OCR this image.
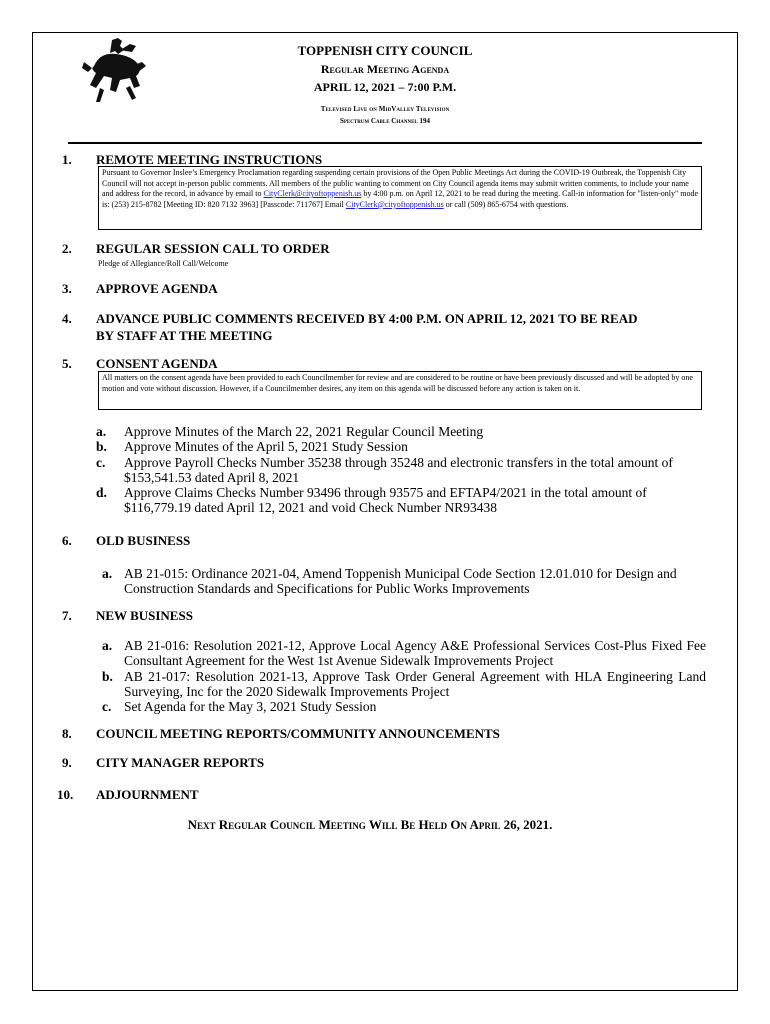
TOPPENISH CITY COUNCIL
Regular Meeting Agenda
APRIL 12, 2021 – 7:00 P.M.
Televised Live on MidValley Television
Spectrum Cable Channel 194
1.	REMOTE MEETING INSTRUCTIONS
Pursuant to Governor Inslee’s Emergency Proclamation regarding suspending certain provisions of the Open Public Meetings Act during the COVID-19 Outbreak, the Toppenish City Council will not accept in-person public comments. All members of the public wanting to comment on City Council agenda items may submit written comments, to include your name and address for the record, in advance by email to CityClerk@cityoftoppenish.us by 4:00 p.m. on April 12, 2021 to be read during the meeting. Call-in information for "listen-only" mode is: (253) 215-8782 [Meeting ID: 820 7132 3963] [Passcode: 711767] Email CityClerk@cityoftoppenish.us or call (509) 865-6754 with questions.
2.	REGULAR SESSION CALL TO ORDER
Pledge of Allegiance/Roll Call/Welcome
3.	APPROVE AGENDA
4.	ADVANCE PUBLIC COMMENTS RECEIVED BY 4:00 P.M. ON APRIL 12, 2021 TO BE READ
BY STAFF AT THE MEETING
5.	CONSENT AGENDA
All matters on the consent agenda have been provided to each Councilmember for review and are considered to be routine or have been previously discussed and will be adopted by one motion and vote without discussion. However, if a Councilmember desires, any item on this agenda will be discussed before any action is taken on it.
a. Approve Minutes of the March 22, 2021 Regular Council Meeting
b. Approve Minutes of the April 5, 2021 Study Session
c. Approve Payroll Checks Number 35238 through 35248 and electronic transfers in the total amount of $153,541.53 dated April 8, 2021
d. Approve Claims Checks Number 93496 through 93575 and EFTAP4/2021 in the total amount of $116,779.19 dated April 12, 2021 and void Check Number NR93438
6.	OLD BUSINESS
a. AB 21-015: Ordinance 2021-04, Amend Toppenish Municipal Code Section 12.01.010 for Design and Construction Standards and Specifications for Public Works Improvements
7.	NEW BUSINESS
a. AB 21-016: Resolution 2021-12, Approve Local Agency A&E Professional Services Cost-Plus Fixed Fee Consultant Agreement for the West 1st Avenue Sidewalk Improvements Project
b. AB 21-017: Resolution 2021-13, Approve Task Order General Agreement with HLA Engineering Land Surveying, Inc for the 2020 Sidewalk Improvements Project
c. Set Agenda for the May 3, 2021 Study Session
8.	COUNCIL MEETING REPORTS/COMMUNITY ANNOUNCEMENTS
9.	CITY MANAGER REPORTS
10.	ADJOURNMENT
Next Regular Council Meeting Will Be Held On April 26, 2021.
